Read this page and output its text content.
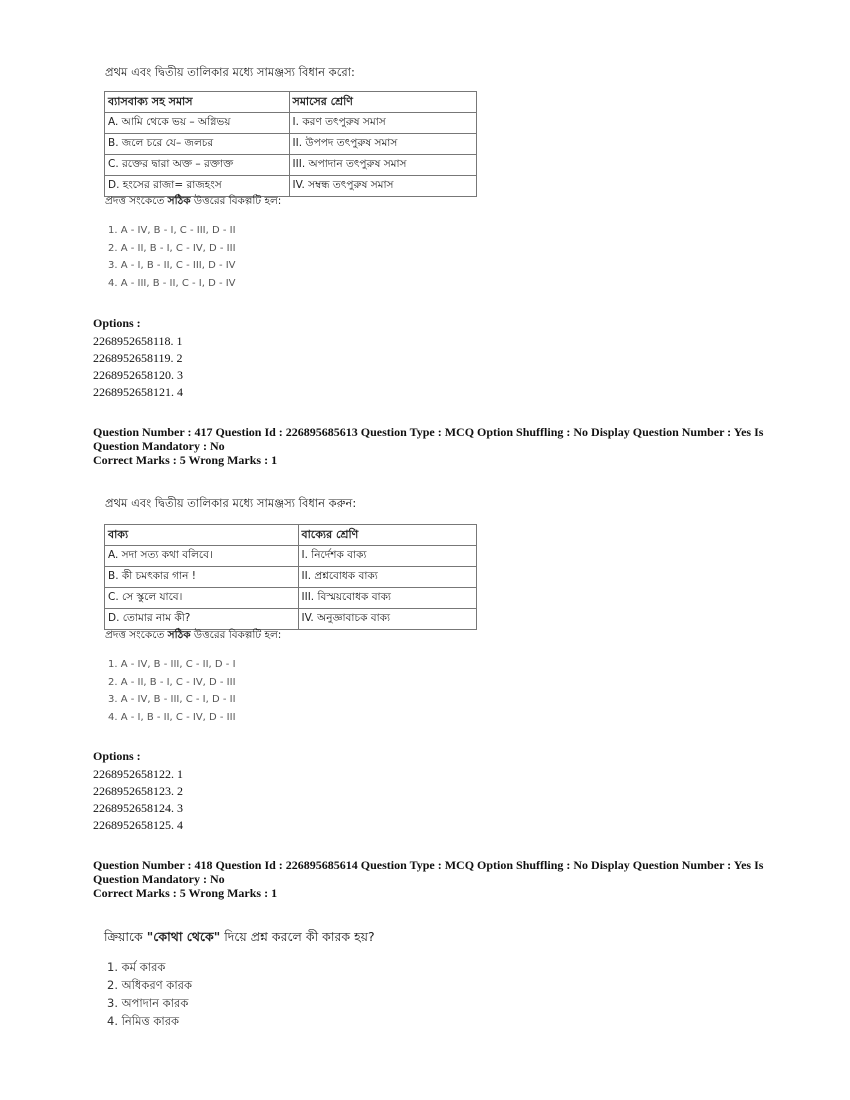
প্রথম এবং দ্বিতীয় তালিকার মধ্যে সামঞ্জস্য বিধান করো:
ব্যাসবাক্য সহ সমাস	সমাসের শ্রেণি
A. আমি থেকে ভয় – অগ্নিভয়	I. করণ তৎপুরুষ সমাস
B. জলে চরে যে– জলচর	II. উপপদ তৎপুরুষ সমাস
C. রক্তের দ্বারা অক্ত – রক্তাক্ত	III. অপাদান তৎপুরুষ সমাস
D. হংসের রাজা= রাজহংস	IV. সম্বন্ধ তৎপুরুষ সমাস
প্রদত্ত সংকেতে সঠিক উত্তরের বিকল্পটি হল:
1. A - IV, B - I, C - III, D - II
2. A - II, B - I, C - IV, D - III
3. A - I, B - II, C - III, D - IV
4. A - III, B - II, C - I, D - IV
Options :
2268952658118. 1
2268952658119. 2
2268952658120. 3
2268952658121. 4
Question Number : 417 Question Id : 226895685613 Question Type : MCQ Option Shuffling : No Display Question Number : Yes Is
Question Mandatory : No
Correct Marks : 5 Wrong Marks : 1
প্রথম এবং দ্বিতীয় তালিকার মধ্যে সামঞ্জস্য বিধান করুন:
বাক্য	বাক্যের শ্রেণি
A. সদা সত্য কথা বলিবে।	I. নির্দেশক বাক্য
B. কী চমৎকার গান !	II. প্রশ্নবোধক বাক্য
C. সে স্কুলে যাবে।	III. বিস্ময়বোধক বাক্য
D. তোমার নাম কী?	IV. অনুজ্ঞাবাচক বাক্য
প্রদত্ত সংকেতে সঠিক উত্তরের বিকল্পটি হল:
1. A - IV, B - III, C - II, D - I
2. A - II, B - I, C - IV, D - III
3. A - IV, B - III, C - I, D - II
4. A - I, B - II, C - IV, D - III
Options :
2268952658122. 1
2268952658123. 2
2268952658124. 3
2268952658125. 4
Question Number : 418 Question Id : 226895685614 Question Type : MCQ Option Shuffling : No Display Question Number : Yes Is
Question Mandatory : No
Correct Marks : 5 Wrong Marks : 1
ক্রিয়াকে "কোথা থেকে" দিয়ে প্রশ্ন করলে কী কারক হয়?
1. কর্ম কারক
2. অধিকরণ কারক
3. অপাদান কারক
4. নিমিত্ত কারক
